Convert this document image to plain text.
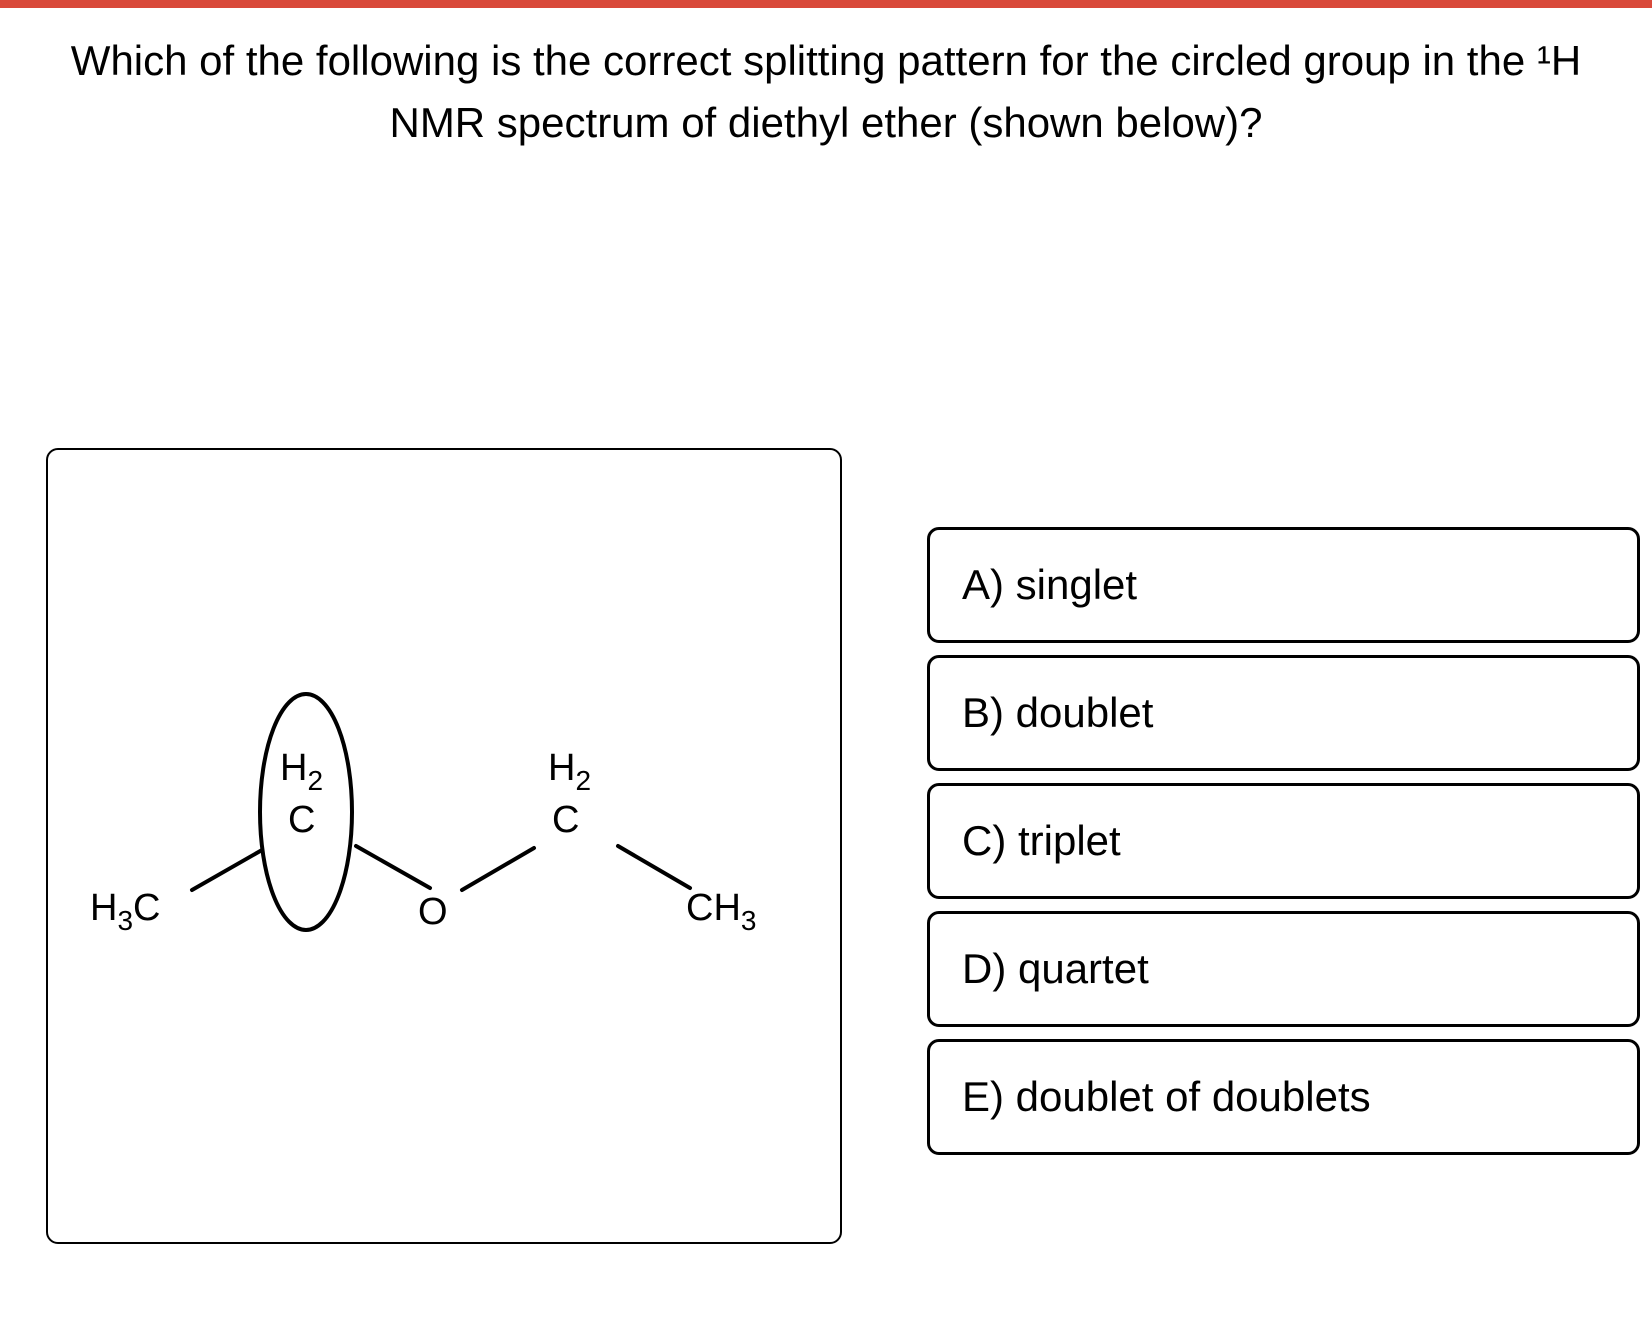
Which of the following is the correct splitting pattern for the circled group in the ¹H
NMR spectrum of diethyl ether (shown below)?
$H_3C$
$H_2$
C
O
$H_2$
C
$CH_3$
A) singlet
B) doublet
C) triplet
D) quartet
E) doublet of doublets
